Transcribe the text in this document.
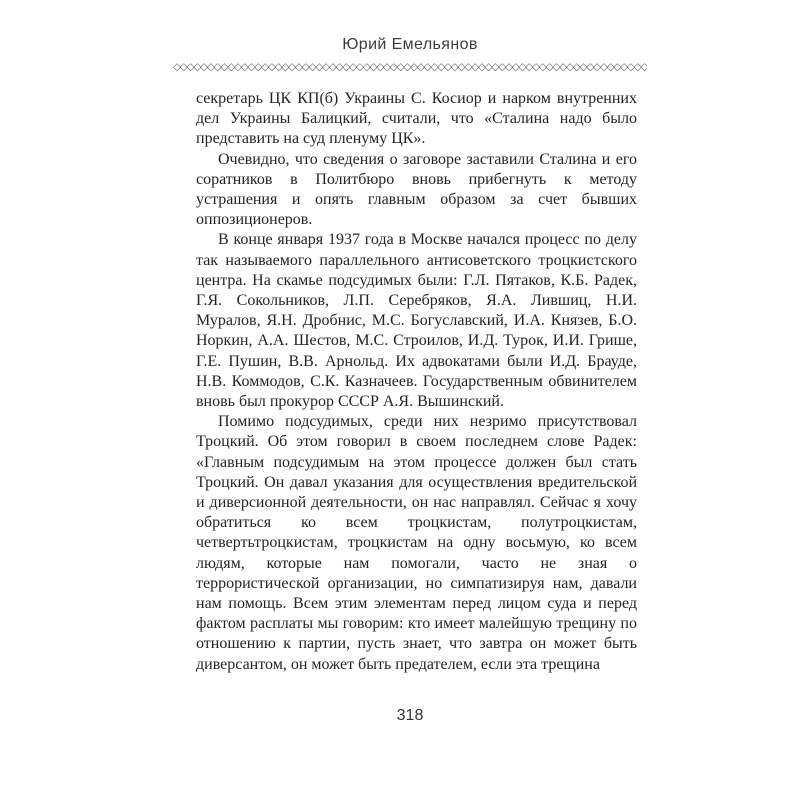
Юрий Емельянов
◇◇◇◇◇◇◇◇◇◇◇◇◇◇◇◇◇◇◇◇◇◇◇◇◇◇◇◇◇◇◇◇◇◇◇◇◇◇◇◇◇◇◇◇◇◇◇◇◇◇◇◇◇◇◇◇◇◇◇◇◇◇◇◇◇◇◇◇◇◇

секретарь ЦК КП(б) Украины С. Косиор и нарком внутренних дел Украины Балицкий, считали, что «Сталина надо было представить на суд пленуму ЦК».

Очевидно, что сведения о заговоре заставили Сталина и его соратников в Политбюро вновь прибегнуть к методу устрашения и опять главным образом за счет бывших оппозиционеров.

В конце января 1937 года в Москве начался процесс по делу так называемого параллельного антисоветского троцкистского центра. На скамье подсудимых были: Г.Л. Пятаков, К.Б. Радек, Г.Я. Сокольников, Л.П. Серебряков, Я.А. Лившиц, Н.И. Муралов, Я.Н. Дробнис, М.С. Богуславский, И.А. Князев, Б.О. Норкин, А.А. Шестов, М.С. Строилов, И.Д. Турок, И.И. Грише, Г.Е. Пушин, В.В. Арнольд. Их адвокатами были И.Д. Брауде, Н.В. Коммодов, С.К. Казначеев. Государственным обвинителем вновь был прокурор СССР А.Я. Вышинский.

Помимо подсудимых, среди них незримо присутствовал Троцкий. Об этом говорил в своем последнем слове Радек: «Главным подсудимым на этом процессе должен был стать Троцкий. Он давал указания для осуществления вредительской и диверсионной деятельности, он нас направлял. Сейчас я хочу обратиться ко всем троцкистам, полутроцкистам, четвертьтроцкистам, троцкистам на одну восьмую, ко всем людям, которые нам помогали, часто не зная о террористической организации, но симпатизируя нам, давали нам помощь. Всем этим элементам перед лицом суда и перед фактом расплаты мы говорим: кто имеет малейшую трещину по отношению к партии, пусть знает, что завтра он может быть диверсантом, он может быть предателем, если эта трещина

318
